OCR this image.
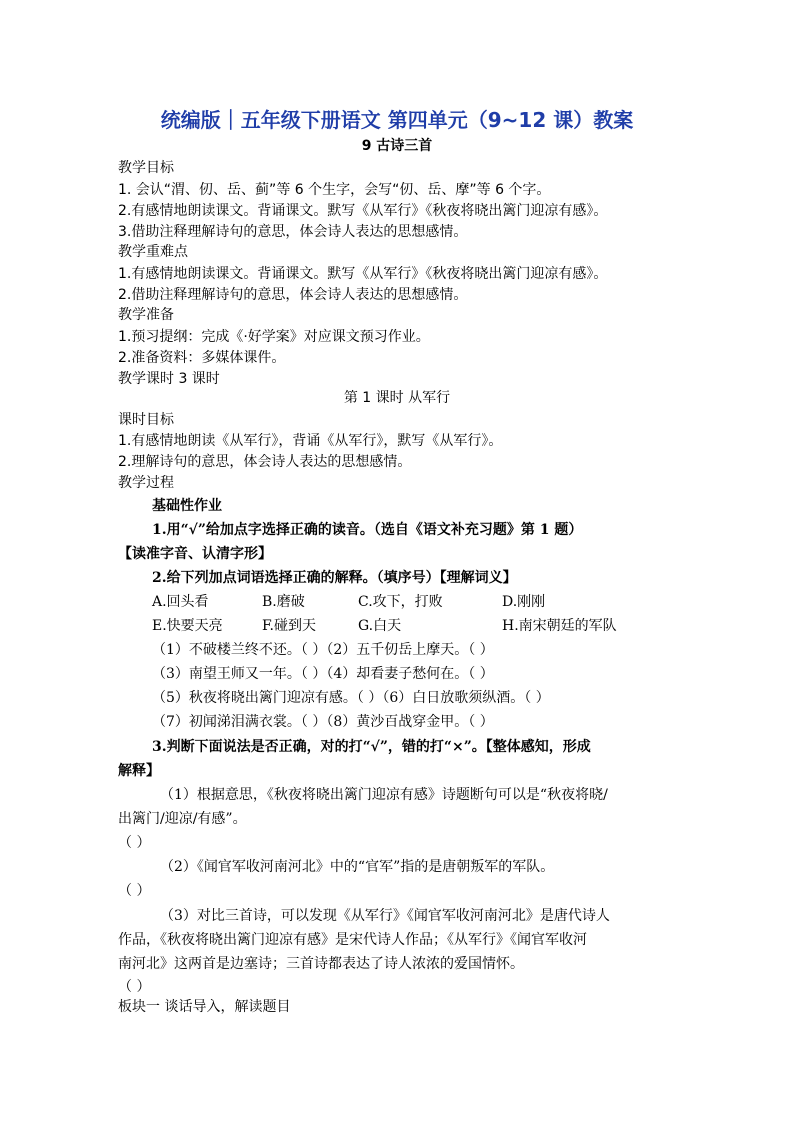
统编版｜五年级下册语文 第四单元（9~12 课）教案
9 古诗三首
教学目标
1. 会认“渭、仞、岳、蓟”等 6 个生字，会写“仞、岳、摩”等 6 个字。
2.有感情地朗读课文。背诵课文。默写《从军行》《秋夜将晓出篱门迎凉有感》。
3.借助注释理解诗句的意思，体会诗人表达的思想感情。
教学重难点
1.有感情地朗读课文。背诵课文。默写《从军行》《秋夜将晓出篱门迎凉有感》。
2.借助注释理解诗句的意思，体会诗人表达的思想感情。
教学准备
1.预习提纲：完成《·好学案》对应课文预习作业。
2.准备资料：多媒体课件。
教学课时 3 课时
第 1 课时 从军行
课时目标
1.有感情地朗读《从军行》，背诵《从军行》，默写《从军行》。
2.理解诗句的意思，体会诗人表达的思想感情。
教学过程
基础性作业
1.用“√”给加点字选择正确的读音。（选自《语文补充习题》第 1 题）
【读准字音、认清字形】
2.给下列加点词语选择正确的解释。（填序号）【理解词义】
A.回头看	B.磨破	C.攻下，打败	D.刚刚
E.快要天亮	F.碰到天	G.白天	H.南宋朝廷的军队
（1）不破楼兰终不还。（ ）（2）五千仞岳上摩天。（ ）
（3）南望王师又一年。（ ）（4）却看妻子愁何在。（ ）
（5）秋夜将晓出篱门迎凉有感。（ ）（6）白日放歌须纵酒。（ ）
（7）初闻涕泪满衣裳。（ ）（8）黄沙百战穿金甲。（ ）
3.判断下面说法是否正确，对的打“√”，错的打“×”。【整体感知，形成
解释】
（1）根据意思，《秋夜将晓出篱门迎凉有感》诗题断句可以是“秋夜将晓/
出篱门/迎凉/有感”。
（ ）
（2）《闻官军收河南河北》中的“官军”指的是唐朝叛军的军队。
（ ）
（3）对比三首诗，可以发现《从军行》《闻官军收河南河北》是唐代诗人
作品，《秋夜将晓出篱门迎凉有感》是宋代诗人作品；《从军行》《闻官军收河
南河北》这两首是边塞诗；三首诗都表达了诗人浓浓的爱国情怀。
（ ）
板块一 谈话导入，解读题目
